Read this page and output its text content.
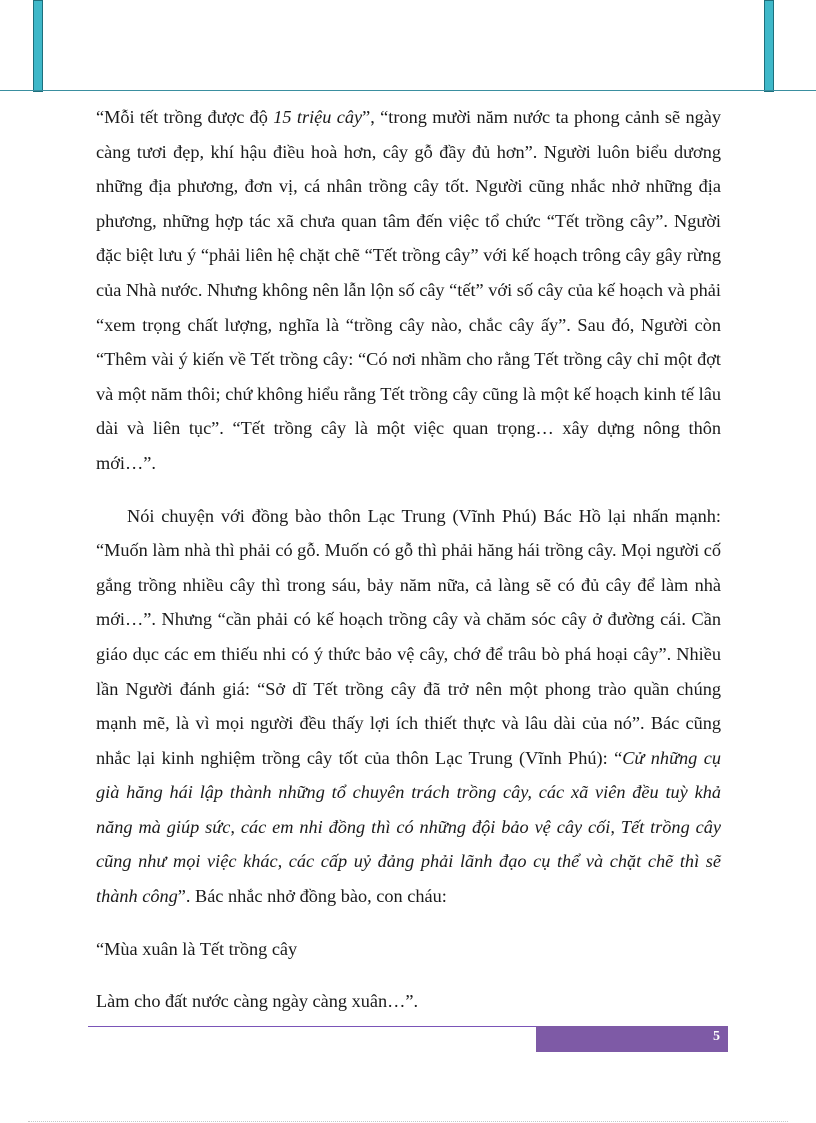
“Mỗi tết trồng được độ 15 triệu cây”, “trong mười năm nước ta phong cảnh sẽ ngày càng tươi đẹp, khí hậu điều hoà hơn, cây gỗ đầy đủ hơn”. Người luôn biểu dương những địa phương, đơn vị, cá nhân trồng cây tốt. Người cũng nhắc nhở những địa phương, những hợp tác xã chưa quan tâm đến việc tổ chức “Tết trồng cây”. Người đặc biệt lưu ý “phải liên hệ chặt chẽ “Tết trồng cây” với kế hoạch trông cây gây rừng của Nhà nước. Nhưng không nên lẫn lộn số cây “tết” với số cây của kế hoạch và phải “xem trọng chất lượng, nghĩa là “trồng cây nào, chắc cây ấy”. Sau đó, Người còn “Thêm vài ý kiến về Tết trồng cây: “Có nơi nhầm cho rằng Tết trồng cây chỉ một đợt và một năm thôi; chứ không hiểu rằng Tết trồng cây cũng là một kế hoạch kinh tế lâu dài và liên tục”. “Tết trồng cây là một việc quan trọng… xây dựng nông thôn mới…”.

Nói chuyện với đồng bào thôn Lạc Trung (Vĩnh Phú) Bác Hồ lại nhấn mạnh: “Muốn làm nhà thì phải có gỗ. Muốn có gỗ thì phải hăng hái trồng cây. Mọi người cố gắng trồng nhiều cây thì trong sáu, bảy năm nữa, cả làng sẽ có đủ cây để làm nhà mới…”. Nhưng “cần phải có kế hoạch trồng cây và chăm sóc cây ở đường cái. Cần giáo dục các em thiếu nhi có ý thức bảo vệ cây, chớ để trâu bò phá hoại cây”. Nhiều lần Người đánh giá: “Sở dĩ Tết trồng cây đã trở nên một phong trào quần chúng mạnh mẽ, là vì mọi người đều thấy lợi ích thiết thực và lâu dài của nó”. Bác cũng nhắc lại kinh nghiệm trồng cây tốt của thôn Lạc Trung (Vĩnh Phú): “Cử những cụ già hăng hái lập thành những tổ chuyên trách trồng cây, các xã viên đều tuỳ khả năng mà giúp sức, các em nhi đồng thì có những đội bảo vệ cây cối, Tết trồng cây cũng như mọi việc khác, các cấp uỷ đảng phải lãnh đạo cụ thể và chặt chẽ thì sẽ thành công”. Bác nhắc nhở đồng bào, con cháu:

“Mùa xuân là Tết trồng cây

Làm cho đất nước càng ngày càng xuân…”.

5
